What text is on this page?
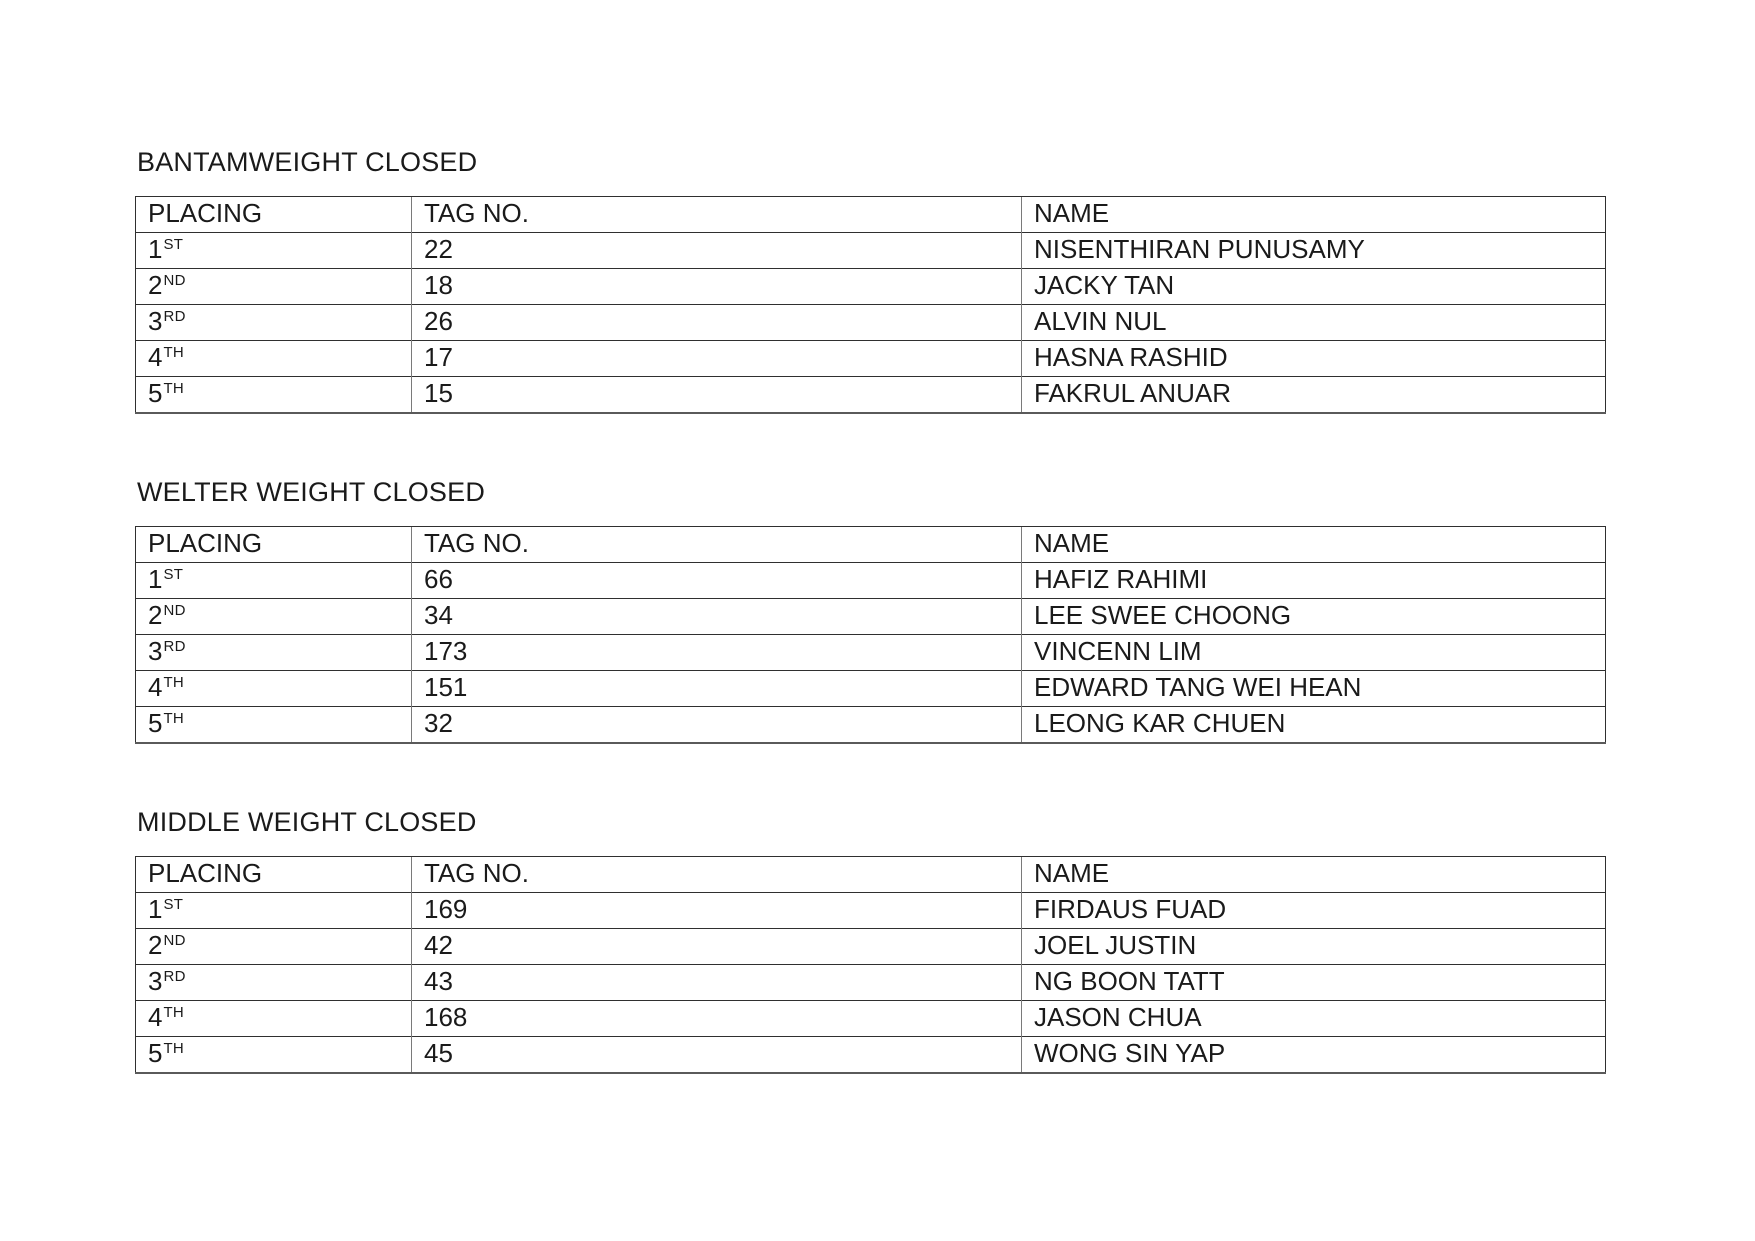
BANTAMWEIGHT CLOSED
PLACING	TAG NO.	NAME
1ST	22	NISENTHIRAN PUNUSAMY
2ND	18	JACKY TAN
3RD	26	ALVIN NUL
4TH	17	HASNA RASHID
5TH	15	FAKRUL ANUAR
WELTER WEIGHT CLOSED
PLACING	TAG NO.	NAME
1ST	66	HAFIZ RAHIMI
2ND	34	LEE SWEE CHOONG
3RD	173	VINCENN LIM
4TH	151	EDWARD TANG WEI HEAN
5TH	32	LEONG KAR CHUEN
MIDDLE WEIGHT CLOSED
PLACING	TAG NO.	NAME
1ST	169	FIRDAUS FUAD
2ND	42	JOEL JUSTIN
3RD	43	NG BOON TATT
4TH	168	JASON CHUA
5TH	45	WONG SIN YAP
